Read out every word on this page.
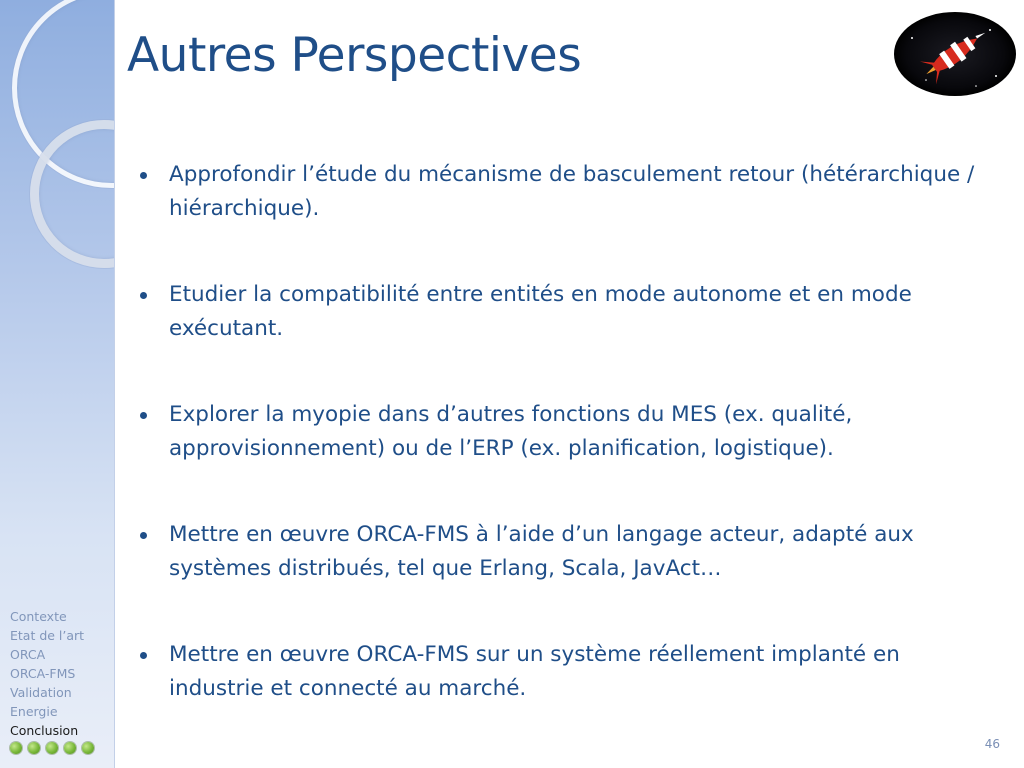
Autres Perspectives
Approfondir l’étude du mécanisme de basculement retour (hétérarchique / hiérarchique).
Etudier la compatibilité entre entités en mode autonome et en mode exécutant.
Explorer la myopie dans d’autres fonctions du MES (ex. qualité, approvisionnement) ou de l’ERP (ex. planification, logistique).
Mettre en œuvre ORCA-FMS à l’aide d’un langage acteur, adapté aux systèmes distribués, tel que Erlang, Scala, JavAct…
Mettre en œuvre ORCA-FMS sur un système réellement implanté en industrie et connecté au marché.
Contexte
Etat de l’art
ORCA
ORCA-FMS
Validation
Energie
Conclusion
46
